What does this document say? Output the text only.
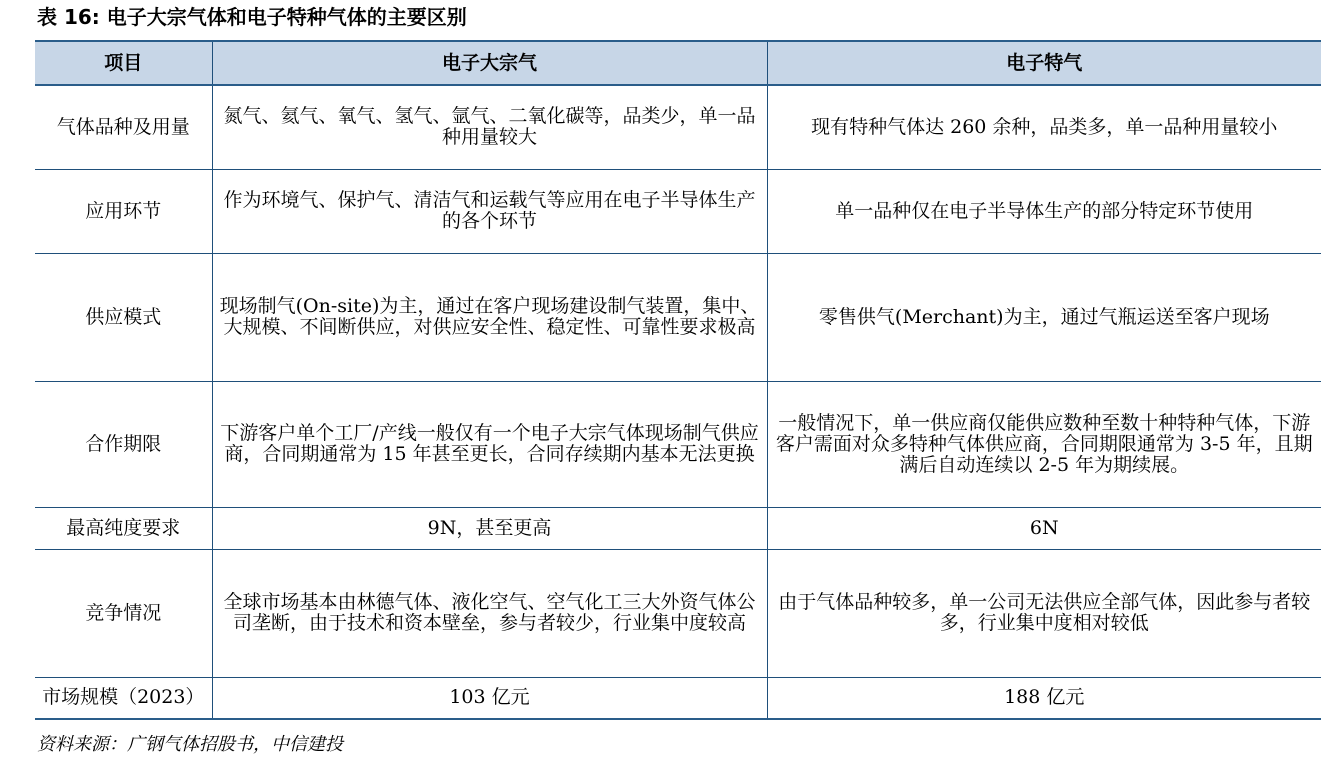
表 16: 电子大宗气体和电子特种气体的主要区别
项目	电子大宗气	电子特气
气体品种及用量	氮气、氦气、氧气、氢气、氩气、二氧化碳等，品类少，单一品种用量较大	现有特种气体达 260 余种，品类多，单一品种用量较小
应用环节	作为环境气、保护气、清洁气和运载气等应用在电子半导体生产的各个环节	单一品种仅在电子半导体生产的部分特定环节使用
供应模式	现场制气(On-site)为主，通过在客户现场建设制气装置，集中、大规模、不间断供应，对供应安全性、稳定性、可靠性要求极高	零售供气(Merchant)为主，通过气瓶运送至客户现场
合作期限	下游客户单个工厂/产线一般仅有一个电子大宗气体现场制气供应商，合同期通常为 15 年甚至更长，合同存续期内基本无法更换	一般情况下，单一供应商仅能供应数种至数十种特种气体，下游客户需面对众多特种气体供应商，合同期限通常为 3-5 年，且期满后自动连续以 2-5 年为期续展。
最高纯度要求	9N，甚至更高	6N
竞争情况	全球市场基本由林德气体、液化空气、空气化工三大外资气体公司垄断，由于技术和资本壁垒，参与者较少，行业集中度较高	由于气体品种较多，单一公司无法供应全部气体，因此参与者较多，行业集中度相对较低
市场规模（2023）	103 亿元	188 亿元
资料来源：广钢气体招股书，中信建投
